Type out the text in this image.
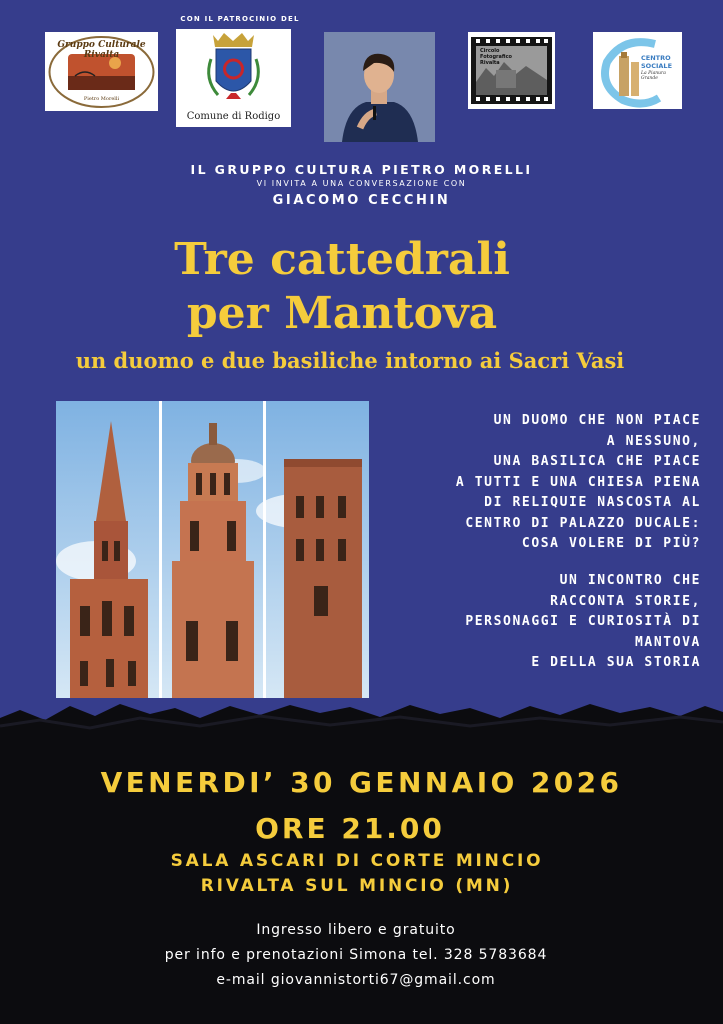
CON IL PATROCINIO DEL
Gruppo Culturale Rivalta
Pietro Morelli
Comune di Rodigo
Circolo Fotografico Rivalta
CENTRO
SOCIALE
La Pianura Grande
IL GRUPPO CULTURA PIETRO MORELLI
VI INVITA A UNA CONVERSAZIONE CON
GIACOMO CECCHIN
Tre cattedrali
per Mantova
un duomo e due basiliche intorno ai Sacri Vasi
UN DUOMO CHE NON PIACE
A NESSUNO,
UNA BASILICA CHE PIACE
A TUTTI E UNA CHIESA PIENA
DI RELIQUIE NASCOSTA AL
CENTRO DI PALAZZO DUCALE:
COSA VOLERE DI PIÙ?
UN INCONTRO CHE
RACCONTA STORIE,
PERSONAGGI E CURIOSITÀ DI
MANTOVA
E DELLA SUA STORIA
VENERDI’ 30 GENNAIO 2026
ORE 21.00
SALA ASCARI DI CORTE MINCIO
RIVALTA SUL MINCIO (MN)
Ingresso libero e gratuito
per info e prenotazioni Simona tel. 328 5783684
e-mail giovannistorti67@gmail.com
